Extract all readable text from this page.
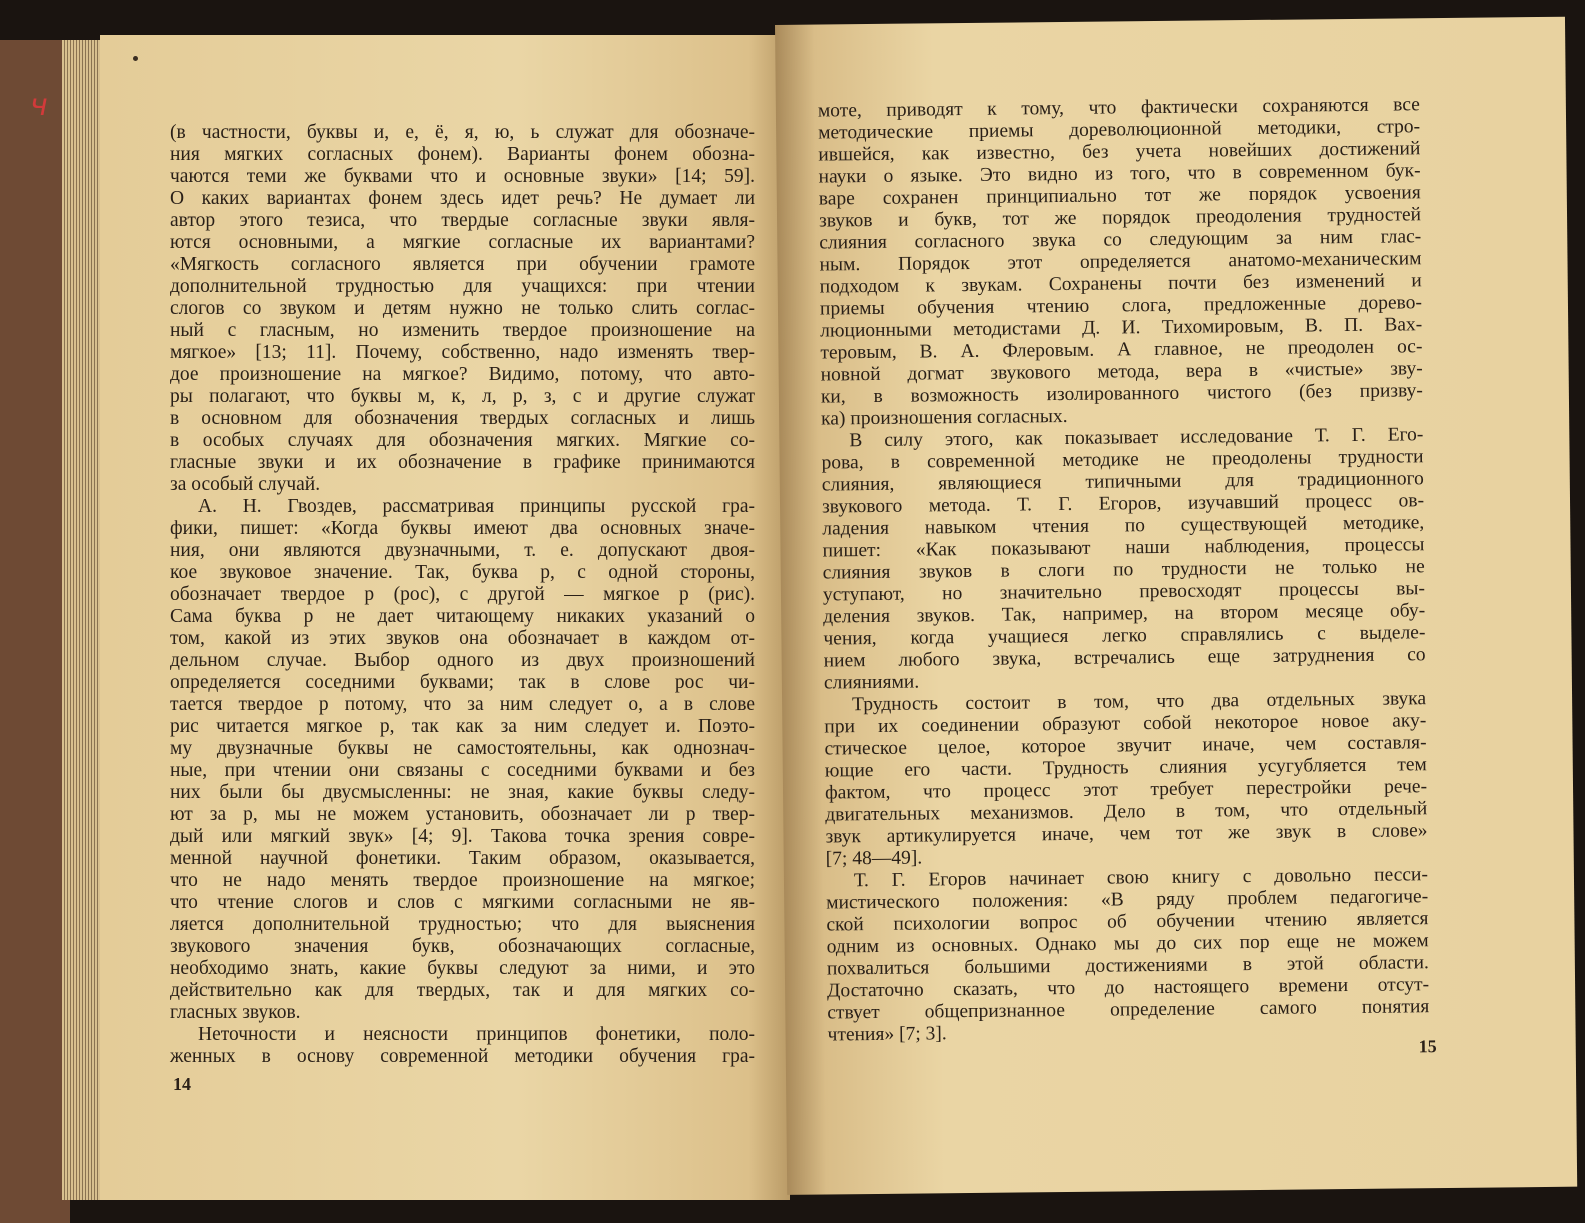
ч
(в частности, буквы и, е, ё, я, ю, ь служат для обозначе-
ния мягких согласных фонем). Варианты фонем обозна-
чаются теми же буквами что и основные звуки» [14; 59].
О каких вариантах фонем здесь идет речь? Не думает ли
автор этого тезиса, что твердые согласные звуки явля-
ются основными, а мягкие согласные их вариантами?
«Мягкость согласного является при обучении грамоте
дополнительной трудностью для учащихся: при чтении
слогов со звуком и детям нужно не только слить соглас-
ный с гласным, но изменить твердое произношение на
мягкое» [13; 11]. Почему, собственно, надо изменять твер-
дое произношение на мягкое? Видимо, потому, что авто-
ры полагают, что буквы м, к, л, р, з, с и другие служат
в основном для обозначения твердых согласных и лишь
в особых случаях для обозначения мягких. Мягкие со-
гласные звуки и их обозначение в графике принимаются
за особый случай.
А. Н. Гвоздев, рассматривая принципы русской гра-
фики, пишет: «Когда буквы имеют два основных значе-
ния, они являются двузначными, т. е. допускают двоя-
кое звуковое значение. Так, буква р, с одной стороны,
обозначает твердое р (рос), с другой — мягкое р (рис).
Сама буква р не дает читающему никаких указаний о
том, какой из этих звуков она обозначает в каждом от-
дельном случае. Выбор одного из двух произношений
определяется соседними буквами; так в слове рос чи-
тается твердое р потому, что за ним следует о, а в слове
рис читается мягкое р, так как за ним следует и. Поэто-
му двузначные буквы не самостоятельны, как однознач-
ные, при чтении они связаны с соседними буквами и без
них были бы двусмысленны: не зная, какие буквы следу-
ют за р, мы не можем установить, обозначает ли р твер-
дый или мягкий звук» [4; 9]. Такова точка зрения совре-
менной научной фонетики. Таким образом, оказывается,
что не надо менять твердое произношение на мягкое;
что чтение слогов и слов с мягкими согласными не яв-
ляется дополнительной трудностью; что для выяснения
звукового значения букв, обозначающих согласные,
необходимо знать, какие буквы следуют за ними, и это
действительно как для твердых, так и для мягких со-
гласных звуков.
Неточности и неясности принципов фонетики, поло-
женных в основу современной методики обучения гра-
14
моте, приводят к тому, что фактически сохраняются все
методические приемы дореволюционной методики, стро-
ившейся, как известно, без учета новейших достижений
науки о языке. Это видно из того, что в современном бук-
варе сохранен принципиально тот же порядок усвоения
звуков и букв, тот же порядок преодоления трудностей
слияния согласного звука со следующим за ним глас-
ным. Порядок этот определяется анатомо-механическим
подходом к звукам. Сохранены почти без изменений и
приемы обучения чтению слога, предложенные дорево-
люционными методистами Д. И. Тихомировым, В. П. Вах-
теровым, В. А. Флеровым. А главное, не преодолен ос-
новной догмат звукового метода, вера в «чистые» зву-
ки, в возможность изолированного чистого (без призву-
ка) произношения согласных.
В силу этого, как показывает исследование Т. Г. Его-
рова, в современной методике не преодолены трудности
слияния, являющиеся типичными для традиционного
звукового метода. Т. Г. Егоров, изучавший процесс ов-
ладения навыком чтения по существующей методике,
пишет: «Как показывают наши наблюдения, процессы
слияния звуков в слоги по трудности не только не
уступают, но значительно превосходят процессы вы-
деления звуков. Так, например, на втором месяце обу-
чения, когда учащиеся легко справлялись с выделе-
нием любого звука, встречались еще затруднения со
слияниями.
Трудность состоит в том, что два отдельных звука
при их соединении образуют собой некоторое новое аку-
стическое целое, которое звучит иначе, чем составля-
ющие его части. Трудность слияния усугубляется тем
фактом, что процесс этот требует перестройки рече-
двигательных механизмов. Дело в том, что отдельный
звук артикулируется иначе, чем тот же звук в слове»
[7; 48—49].
Т. Г. Егоров начинает свою книгу с довольно песси-
мистического положения: «В ряду проблем педагогиче-
ской психологии вопрос об обучении чтению является
одним из основных. Однако мы до сих пор еще не можем
похвалиться большими достижениями в этой области.
Достаточно сказать, что до настоящего времени отсут-
ствует общепризнанное определение самого понятия
чтения» [7; 3].
15
